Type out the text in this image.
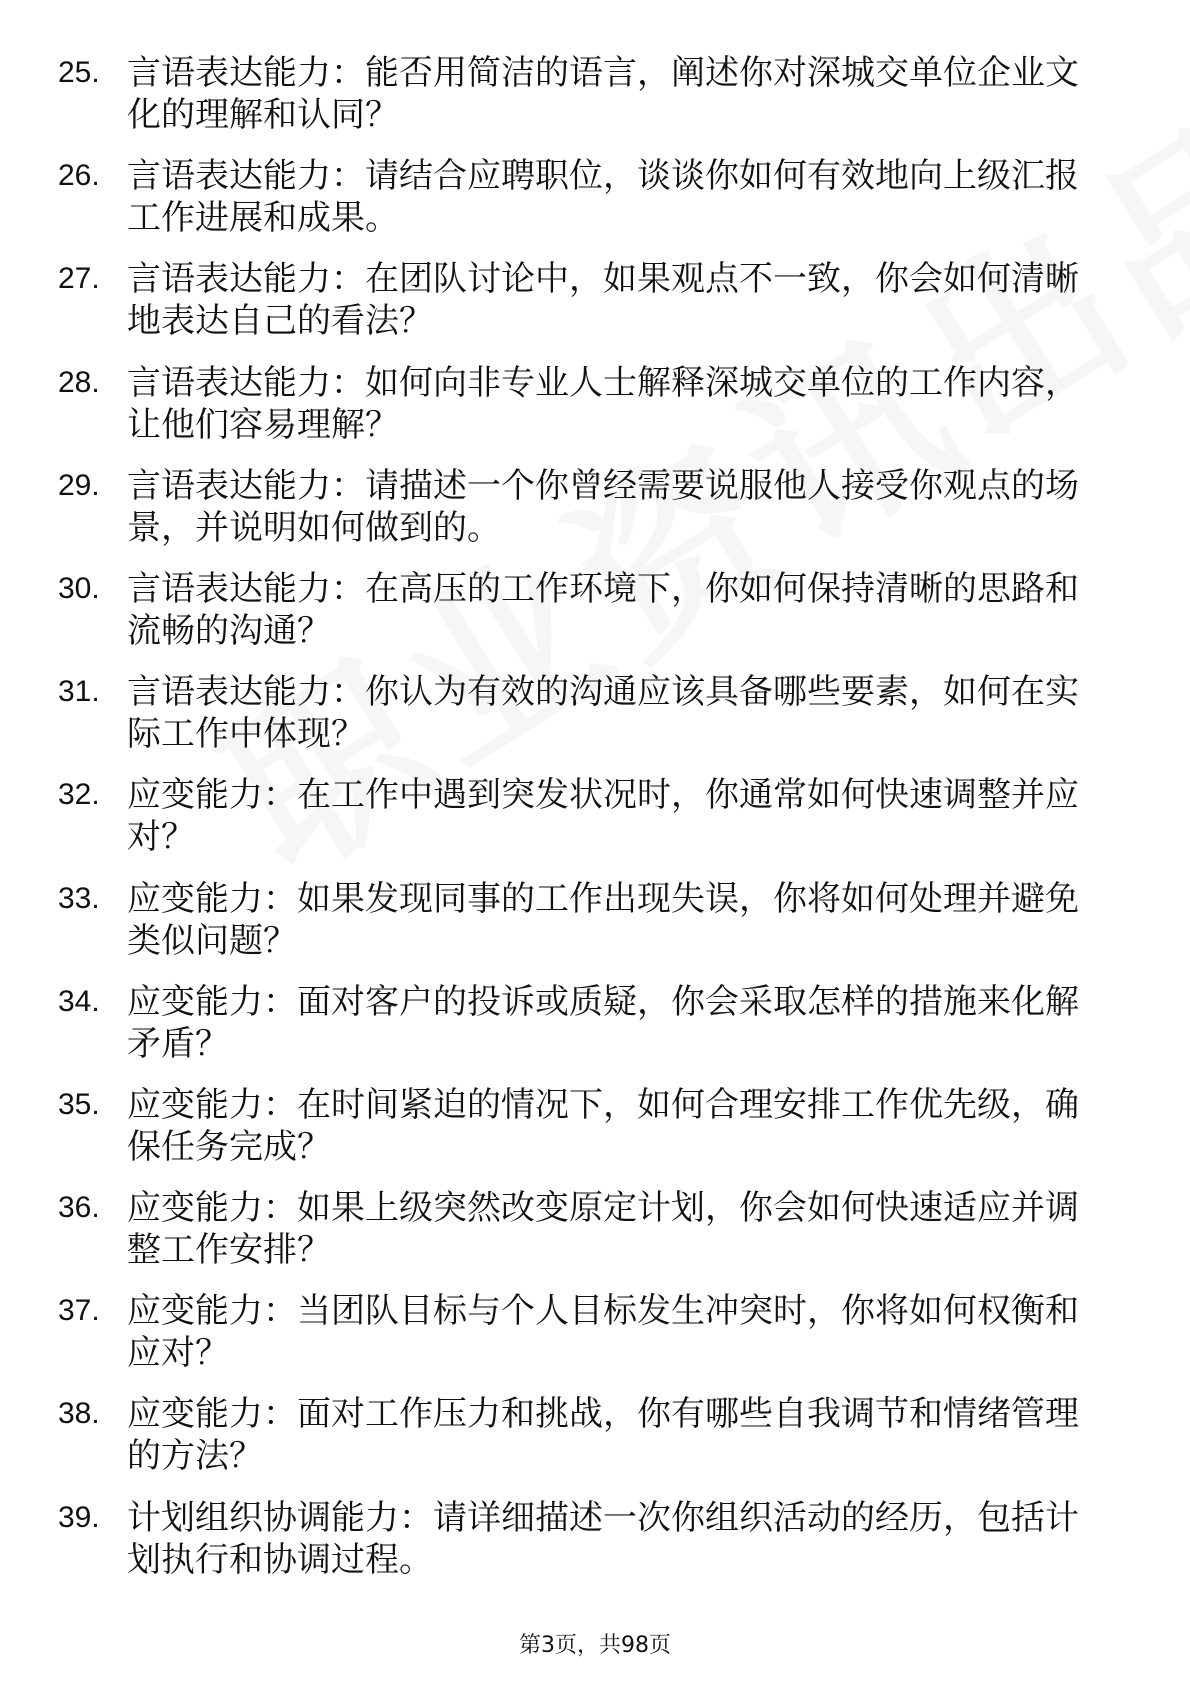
25. 言语表达能力：能否用简洁的语言，阐述你对深城交单位企业文
化的理解和认同？
26. 言语表达能力：请结合应聘职位，谈谈你如何有效地向上级汇报
工作进展和成果。
27. 言语表达能力：在团队讨论中，如果观点不一致，你会如何清晰
地表达自己的看法？
28. 言语表达能力：如何向非专业人士解释深城交单位的工作内容，
让他们容易理解？
29. 言语表达能力：请描述一个你曾经需要说服他人接受你观点的场
景，并说明如何做到的。
30. 言语表达能力：在高压的工作环境下，你如何保持清晰的思路和
流畅的沟通？
31. 言语表达能力：你认为有效的沟通应该具备哪些要素，如何在实
际工作中体现？
32. 应变能力：在工作中遇到突发状况时，你通常如何快速调整并应
对？
33. 应变能力：如果发现同事的工作出现失误，你将如何处理并避免
类似问题？
34. 应变能力：面对客户的投诉或质疑，你会采取怎样的措施来化解
矛盾？
35. 应变能力：在时间紧迫的情况下，如何合理安排工作优先级，确
保任务完成？
36. 应变能力：如果上级突然改变原定计划，你会如何快速适应并调
整工作安排？
37. 应变能力：当团队目标与个人目标发生冲突时，你将如何权衡和
应对？
38. 应变能力：面对工作压力和挑战，你有哪些自我调节和情绪管理
的方法？
39. 计划组织协调能力：请详细描述一次你组织活动的经历，包括计
划执行和协调过程。
第3页，共98页
